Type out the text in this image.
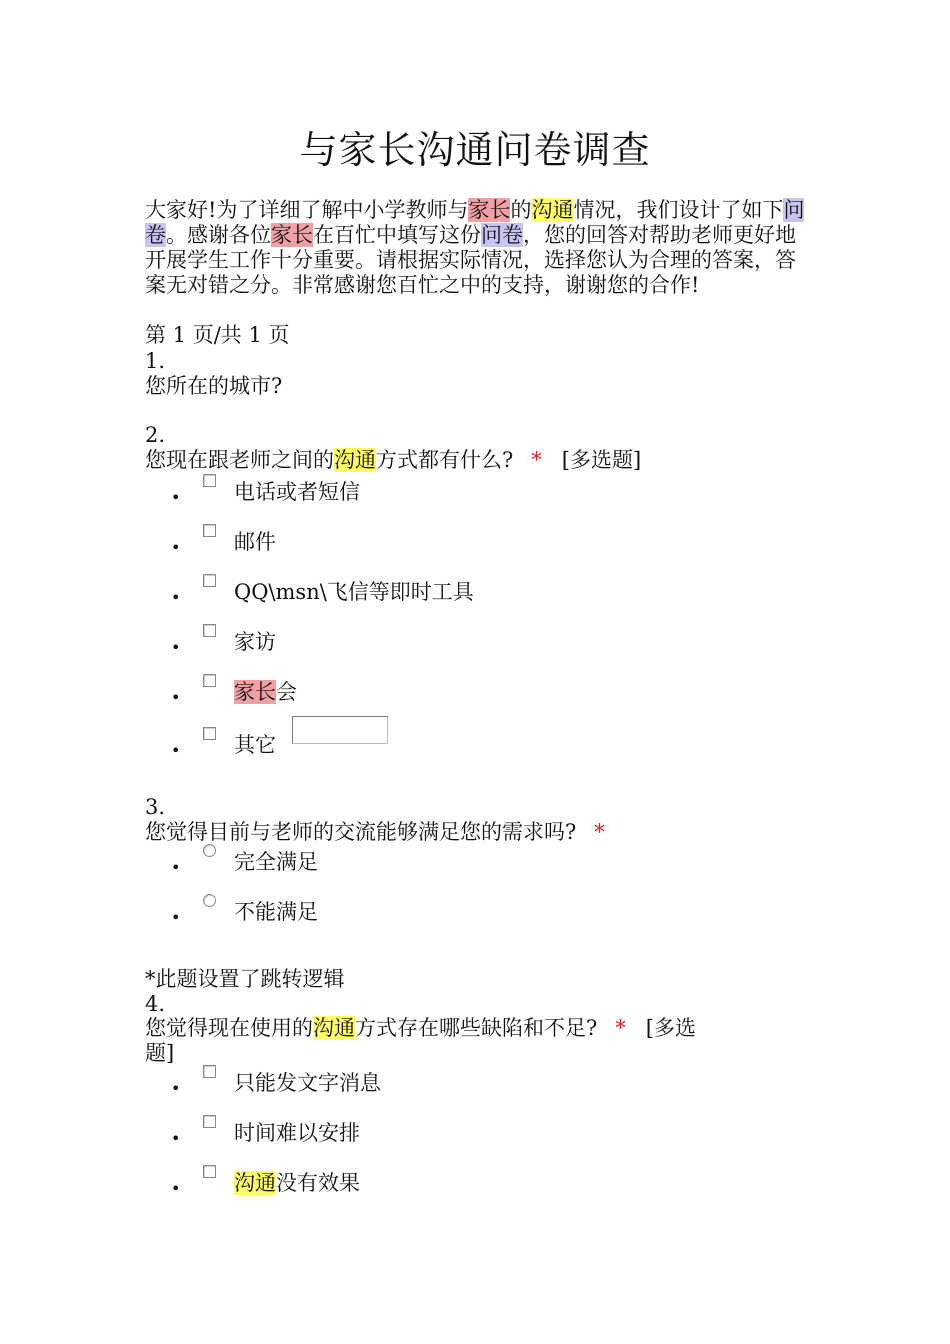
与家长沟通问卷调查

大家好!为了详细了解中小学教师与家长的沟通情况，我们设计了如下问卷。感谢各位家长在百忙中填写这份问卷，您的回答对帮助老师更好地开展学生工作十分重要。请根据实际情况，选择您认为合理的答案，答案无对错之分。非常感谢您百忙之中的支持，谢谢您的合作!

第 1 页/共 1 页
1.
您所在的城市?
2.
您现在跟老师之间的沟通方式都有什么? * [多选题]
•	电话或者短信
•	邮件
•	QQ\msn\飞信等即时工具
•	家访
•	家长会
•	其它
3.
您觉得目前与老师的交流能够满足您的需求吗? *
•	完全满足
•	不能满足
*此题设置了跳转逻辑
4.
您觉得现在使用的沟通方式存在哪些缺陷和不足? * [多选
题]
•	只能发文字消息
•	时间难以安排
•	沟通没有效果
